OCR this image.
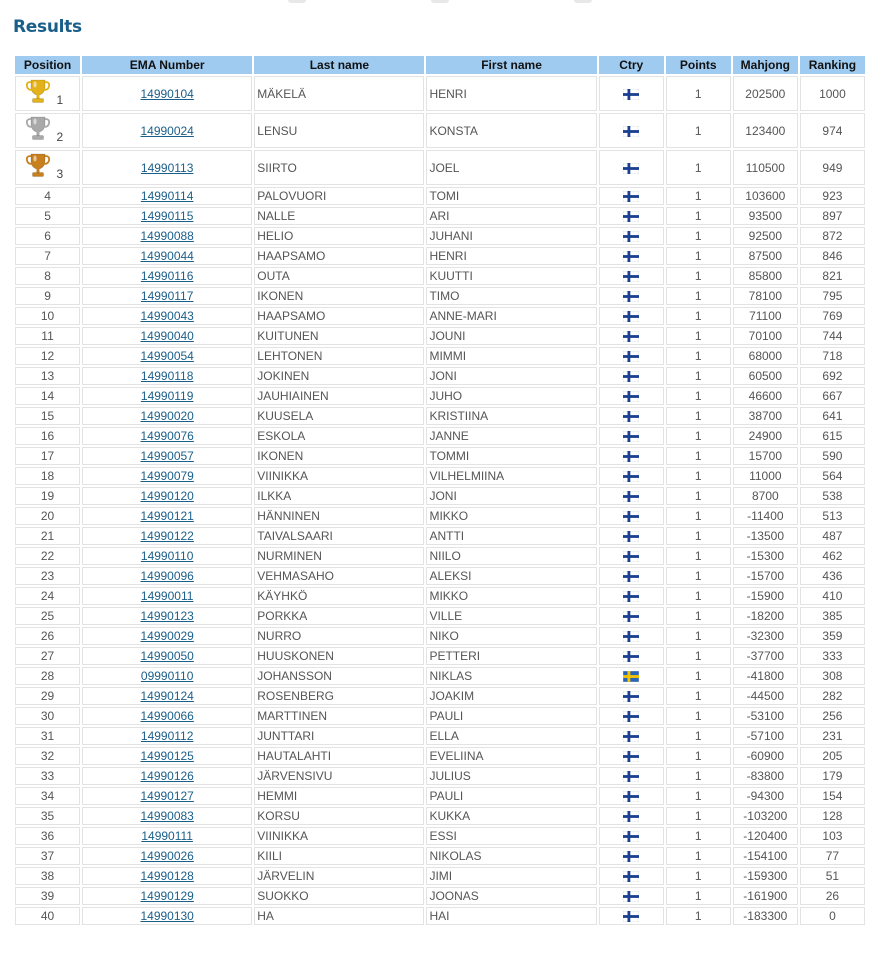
Results
Position	EMA Number	Last name	First name	Ctry	Points	Mahjong	Ranking

1	14990104	MÄKELÄ	HENRI		1	202500	1000

2	14990024	LENSU	KONSTA		1	123400	974

3	14990113	SIIRTO	JOEL		1	110500	949
4	14990114	PALOVUORI	TOMI		1	103600	923
5	14990115	NALLE	ARI		1	93500	897
6	14990088	HELIO	JUHANI		1	92500	872
7	14990044	HAAPSAMO	HENRI		1	87500	846
8	14990116	OUTA	KUUTTI		1	85800	821
9	14990117	IKONEN	TIMO		1	78100	795
10	14990043	HAAPSAMO	ANNE-MARI		1	71100	769
11	14990040	KUITUNEN	JOUNI		1	70100	744
12	14990054	LEHTONEN	MIMMI		1	68000	718
13	14990118	JOKINEN	JONI		1	60500	692
14	14990119	JAUHIAINEN	JUHO		1	46600	667
15	14990020	KUUSELA	KRISTIINA		1	38700	641
16	14990076	ESKOLA	JANNE		1	24900	615
17	14990057	IKONEN	TOMMI		1	15700	590
18	14990079	VIINIKKA	VILHELMIINA		1	11000	564
19	14990120	ILKKA	JONI		1	8700	538
20	14990121	HÄNNINEN	MIKKO		1	-11400	513
21	14990122	TAIVALSAARI	ANTTI		1	-13500	487
22	14990110	NURMINEN	NIILO		1	-15300	462
23	14990096	VEHMASAHO	ALEKSI		1	-15700	436
24	14990011	KÄYHKÖ	MIKKO		1	-15900	410
25	14990123	PORKKA	VILLE		1	-18200	385
26	14990029	NURRO	NIKO		1	-32300	359
27	14990050	HUUSKONEN	PETTERI		1	-37700	333
28	09990110	JOHANSSON	NIKLAS		1	-41800	308
29	14990124	ROSENBERG	JOAKIM		1	-44500	282
30	14990066	MARTTINEN	PAULI		1	-53100	256
31	14990112	JUNTTARI	ELLA		1	-57100	231
32	14990125	HAUTALAHTI	EVELIINA		1	-60900	205
33	14990126	JÄRVENSIVU	JULIUS		1	-83800	179
34	14990127	HEMMI	PAULI		1	-94300	154
35	14990083	KORSU	KUKKA		1	-103200	128
36	14990111	VIINIKKA	ESSI		1	-120400	103
37	14990026	KIILI	NIKOLAS		1	-154100	77
38	14990128	JÄRVELIN	JIMI		1	-159300	51
39	14990129	SUOKKO	JOONAS		1	-161900	26
40	14990130	HA	HAI		1	-183300	0
